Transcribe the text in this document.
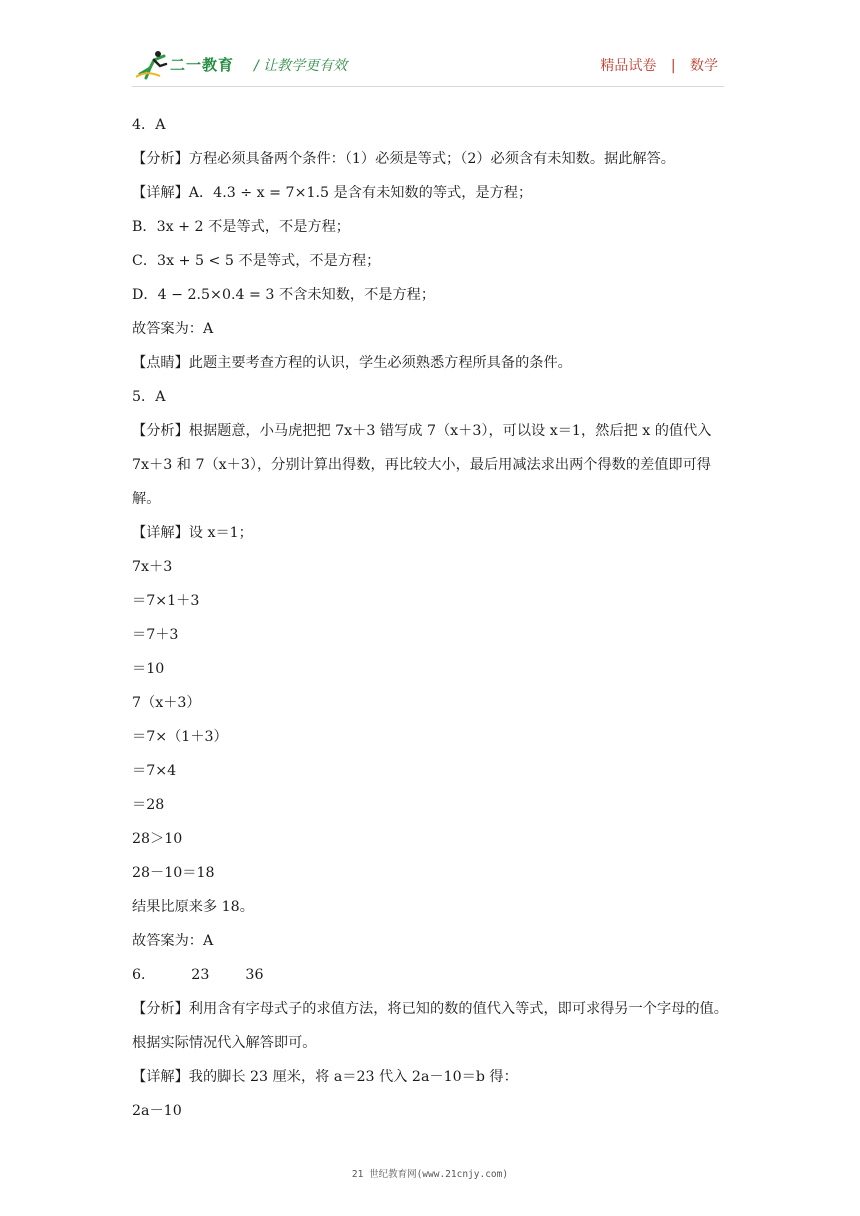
二一教育 / 让教学更有效	精品试卷 | 数学
4．A
【分析】方程必须具备两个条件：（1）必须是等式；（2）必须含有未知数。据此解答。
【详解】A．4.3 ÷ x = 7×1.5 是含有未知数的等式，是方程；
B．3x + 2 不是等式，不是方程；
C．3x + 5 < 5 不是等式，不是方程；
D．4 − 2.5×0.4 = 3 不含未知数，不是方程；
故答案为：A
【点睛】此题主要考查方程的认识，学生必须熟悉方程所具备的条件。
5．A
【分析】根据题意，小马虎把把 7x＋3 错写成 7（x＋3），可以设 x＝1，然后把 x 的值代入 7x＋3 和 7（x＋3），分别计算出得数，再比较大小，最后用减法求出两个得数的差值即可得解。
【详解】设 x＝1；
7x＋3
＝7×1＋3
＝7＋3
＝10
7（x＋3）
＝7×（1＋3）
＝7×4
＝28
28＞10
28－10＝18
结果比原来多 18。
故答案为：A
6．        23        36
【分析】利用含有字母式子的求值方法，将已知的数的值代入等式，即可求得另一个字母的值。根据实际情况代入解答即可。
【详解】我的脚长 23 厘米，将 a＝23 代入 2a－10＝b 得：
2a－10
21 世纪教育网(www.21cnjy.com)
